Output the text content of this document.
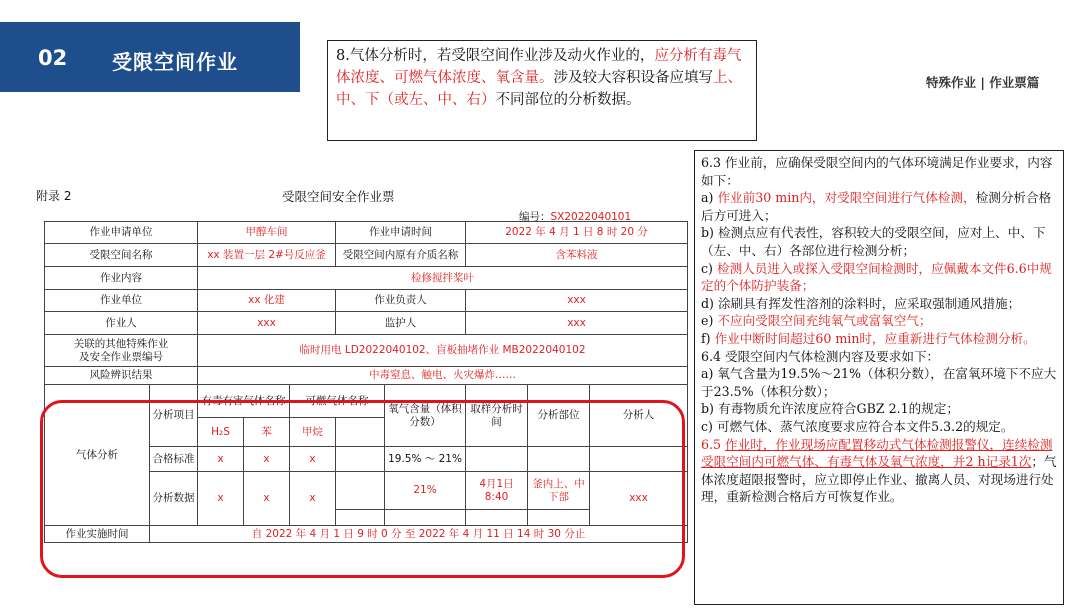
02 受限空间作业
特殊作业 | 作业票篇
8.气体分析时，若受限空间作业涉及动火作业的，应分析有毒气体浓度、可燃气体浓度、氧含量。涉及较大容积设备应填写上、中、下（或左、中、右）不同部位的分析数据。
附录 2	受限空间安全作业票
编号：SX2022040101
作业申请单位		甲醇车间			作业申请时间		2022 年 4 月 1 日 8 时 20 分		
受限空间名称		xx 装置一层 2#号反应釜			受限空间内原有介质名称		含苯料液		
作业内容		检修搅拌桨叶							
作业单位		xx 化建			作业负责人		xxx		
作业人		xxx			监护人		xxx		

关联的其他特殊作业
及安全作业票编号		临时用电 LD2022040102、盲板抽堵作业 MB2022040102							
风险辨识结果		中毒窒息、触电、火灾爆炸……							
气体分析	分析项目	有毒有害气体名称		可燃气体名称		氧气含量（体积分数）	取样分析时间	分析部位	分析人
		H₂S	苯	甲烷					
	合格标准	x	x	x		19.5% ～ 21%			
	分析数据	x	x	x		21%	4月1日 8:40	釜内上、中下部	xxx

作业实施时间	自 2022 年 4 月 1 日 9 时 0 分 至 2022 年 4 月 11 日 14 时 30 分止								

6.3 作业前，应确保受限空间内的气体环境满足作业要求，内容如下：

a) 作业前30 min内，对受限空间进行气体检测，检测分析合格后方可进入；

b) 检测点应有代表性，容积较大的受限空间，应对上、中、下（左、中、右）各部位进行检测分析；

c) 检测人员进入或探入受限空间检测时，应佩戴本文件6.6中规定的个体防护装备；

d) 涂刷具有挥发性溶剂的涂料时，应采取强制通风措施；

e) 不应向受限空间充纯氧气或富氧空气；

f) 作业中断时间超过60 min时，应重新进行气体检测分析。

6.4 受限空间内气体检测内容及要求如下：

a) 氧气含量为19.5%～21%（体积分数），在富氧环境下不应大于23.5%（体积分数）；

b) 有毒物质允许浓度应符合GBZ 2.1的规定；

c) 可燃气体、蒸气浓度要求应符合本文件5.3.2的规定。

6.5 作业时，作业现场应配置移动式气体检测报警仪，连续检测受限空间内可燃气体、有毒气体及氧气浓度，并2 h记录1次；气体浓度超限报警时，应立即停止作业、撤离人员、对现场进行处理，重新检测合格后方可恢复作业。
